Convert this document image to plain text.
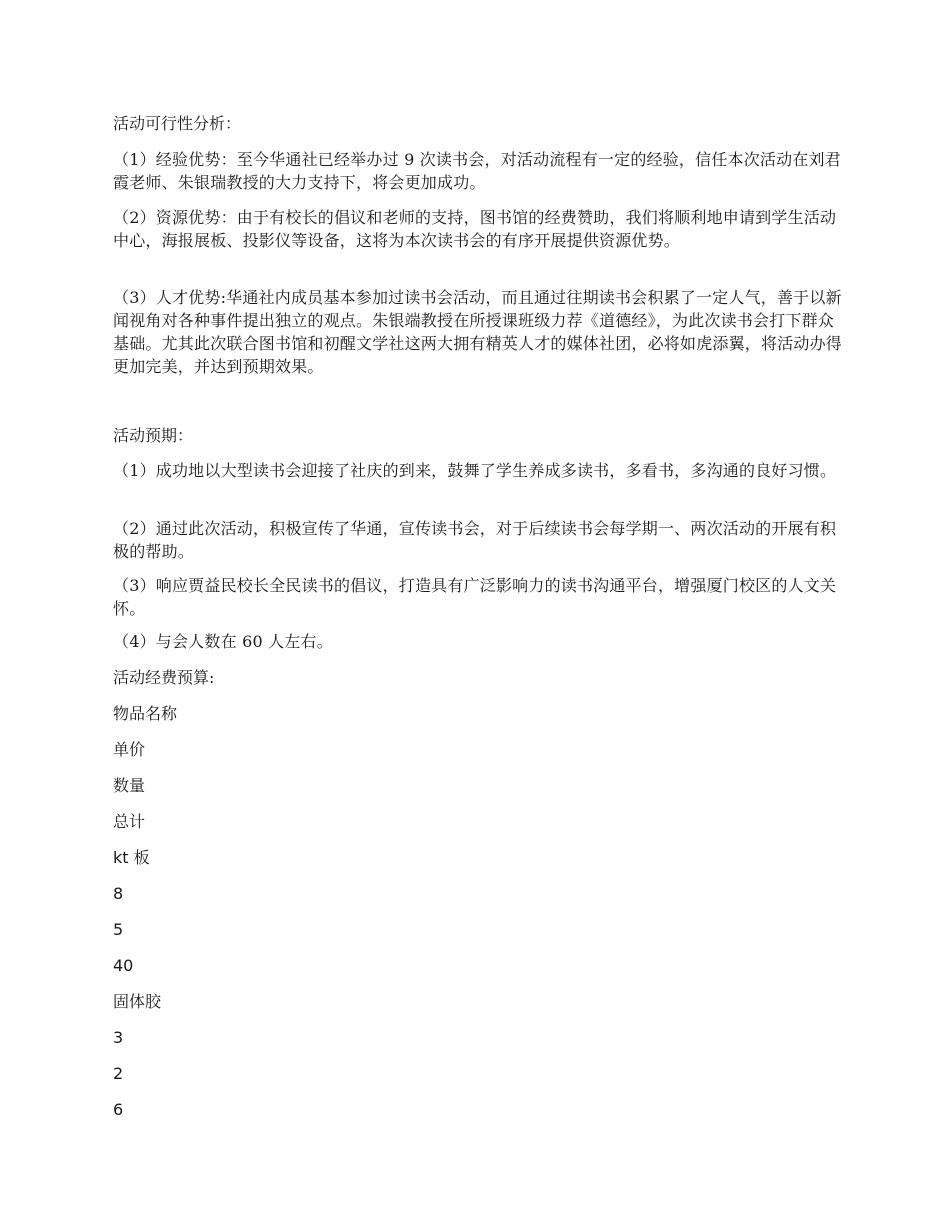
活动可行性分析：

（1）经验优势：至今华通社已经举办过 9 次读书会，对活动流程有一定的经验，信任本次活动在刘君霞老师、朱银瑞教授的大力支持下，将会更加成功。

（2）资源优势：由于有校长的倡议和老师的支持，图书馆的经费赞助，我们将顺利地申请到学生活动中心，海报展板、投影仪等设备，这将为本次读书会的有序开展提供资源优势。

（3）人才优势:华通社内成员基本参加过读书会活动，而且通过往期读书会积累了一定人气，善于以新闻视角对各种事件提出独立的观点。朱银端教授在所授课班级力荐《道德经》，为此次读书会打下群众基础。尤其此次联合图书馆和初醒文学社这两大拥有精英人才的媒体社团，必将如虎添翼，将活动办得更加完美，并达到预期效果。

活动预期：

（1）成功地以大型读书会迎接了社庆的到来，鼓舞了学生养成多读书，多看书，多沟通的良好习惯。

（2）通过此次活动，积极宣传了华通，宣传读书会，对于后续读书会每学期一、两次活动的开展有积极的帮助。

（3）响应贾益民校长全民读书的倡议，打造具有广泛影响力的读书沟通平台，增强厦门校区的人文关怀。

（4）与会人数在 60 人左右。

活动经费预算:

物品名称

单价

数量

总计

kt 板

8

5

40

固体胶

3

2

6
